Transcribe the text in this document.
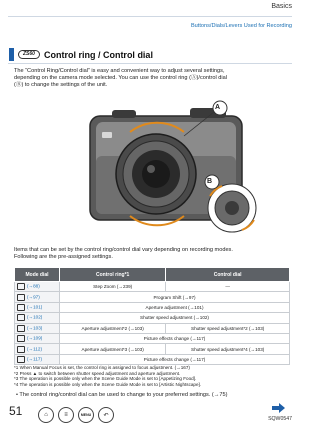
Basics
Buttons/Dials/Levers Used for Recording
ZS60	Control ring / Control dial
The “Control Ring/Control dial” is easy and convenient way to adjust several settings,
depending on the camera mode selected. You can use the control ring (Ⓐ)/control dial
(Ⓑ) to change the settings of the unit.
A
B
Items that can be set by the control ring/control dial vary depending on recording modes.
Following are the pre-assigned settings.
Mode dial	Control ring*1	Control dial
(→88)	Step Zoom (→239)	—
(→97)	Program Shift (→97)	
(→101)	Aperture adjustment (→101)	
(→102)	Shutter speed adjustment (→102)	
(→103)	Aperture adjustment*2 (→103)	Shutter speed adjustment*2 (→103)
(→109)	Picture effects change (→117)	
(→112)	Aperture adjustment*3 (→103)	Shutter speed adjustment*4 (→103)
(→117)	Picture effects change (→117)	
*1 When Manual Focus is set, the control ring is assigned to focus adjustment. (→167)
*2 Press ▲ to switch between shutter speed adjustment and aperture adjustment.
*3 The operation is possible only when the Scene Guide Mode is set to [Appetizing Food].
*4 The operation is possible only when the Scene Guide Mode is set to [Artistic Nightscape].
• The control ring/control dial can be used to change to your preferred settings. (→75)
51	⌂	≡	MENU	↶
SQW0547
